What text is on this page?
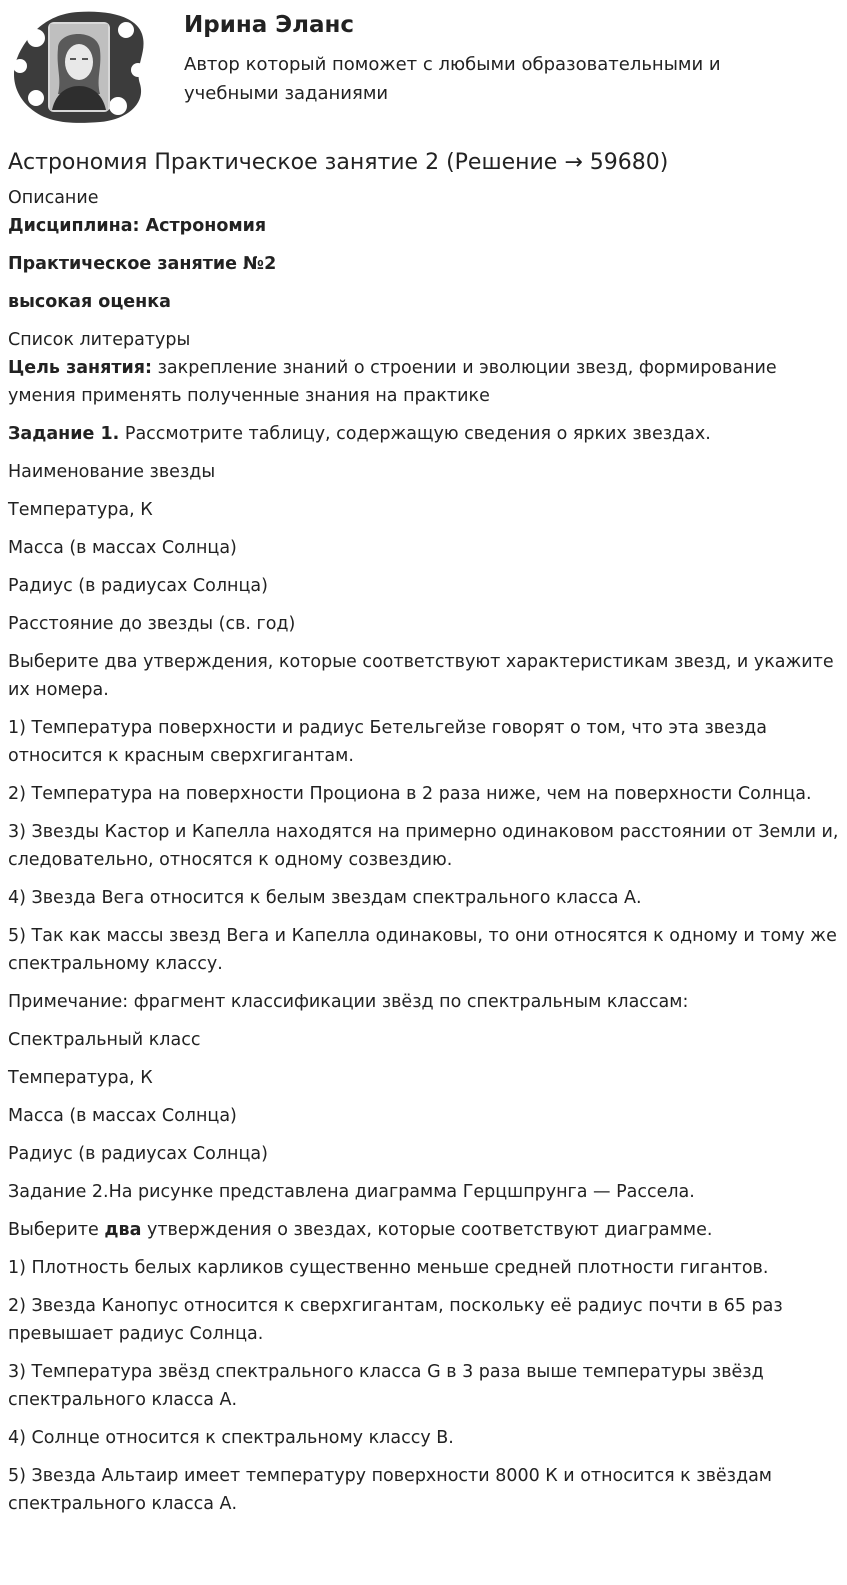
Ирина Эланс
Автор который поможет с любыми образовательными и учебными заданиями
Астрономия Практическое занятие 2 (Решение → 59680)

Описание

Дисциплина: Астрономия

Практическое занятие №2

высокая оценка

Список литературы

Цель занятия: закрепление знаний о строении и эволюции звезд, формирование умения применять полученные знания на практике

Задание 1. Рассмотрите таблицу, содержащую сведения о ярких звездах.

Наименование звезды

Температура, К

Масса (в массах Солнца)

Радиус (в радиусах Солнца)

Расстояние до звезды (св. год)

Выберите два утверждения, которые соответствуют характеристикам звезд, и укажите их номера.

1) Температура поверхности и радиус Бетельгейзе говорят о том, что эта звезда относится к красным сверхгигантам.

2) Температура на поверхности Проциона в 2 раза ниже, чем на поверхности Солнца.

3) Звезды Кастор и Капелла находятся на примерно одинаковом расстоянии от Земли и, следовательно, относятся к одному созвездию.

4) Звезда Вега относится к белым звездам спектрального класса А.

5) Так как массы звезд Вега и Капелла одинаковы, то они относятся к одному и тому же спектральному классу.

Примечание: фрагмент классификации звёзд по спектральным классам:

Спектральный класс

Температура, К

Масса (в массах Солнца)

Радиус (в радиусах Солнца)

Задание 2.На рисунке представлена диаграмма Герцшпрунга — Рассела.

Выберите два утверждения о звездах, которые соответствуют диаграмме.

1) Плотность белых карликов существенно меньше средней плотности гигантов.

2) Звезда Канопус относится к сверхгигантам, поскольку её радиус почти в 65 раз превышает радиус Солнца.

3) Температура звёзд спектрального класса G в 3 раза выше температуры звёзд спектрального класса А.

4) Солнце относится к спектральному классу В.

5) Звезда Альтаир имеет температуру поверхности 8000 К и относится к звёздам спектрального класса А.
